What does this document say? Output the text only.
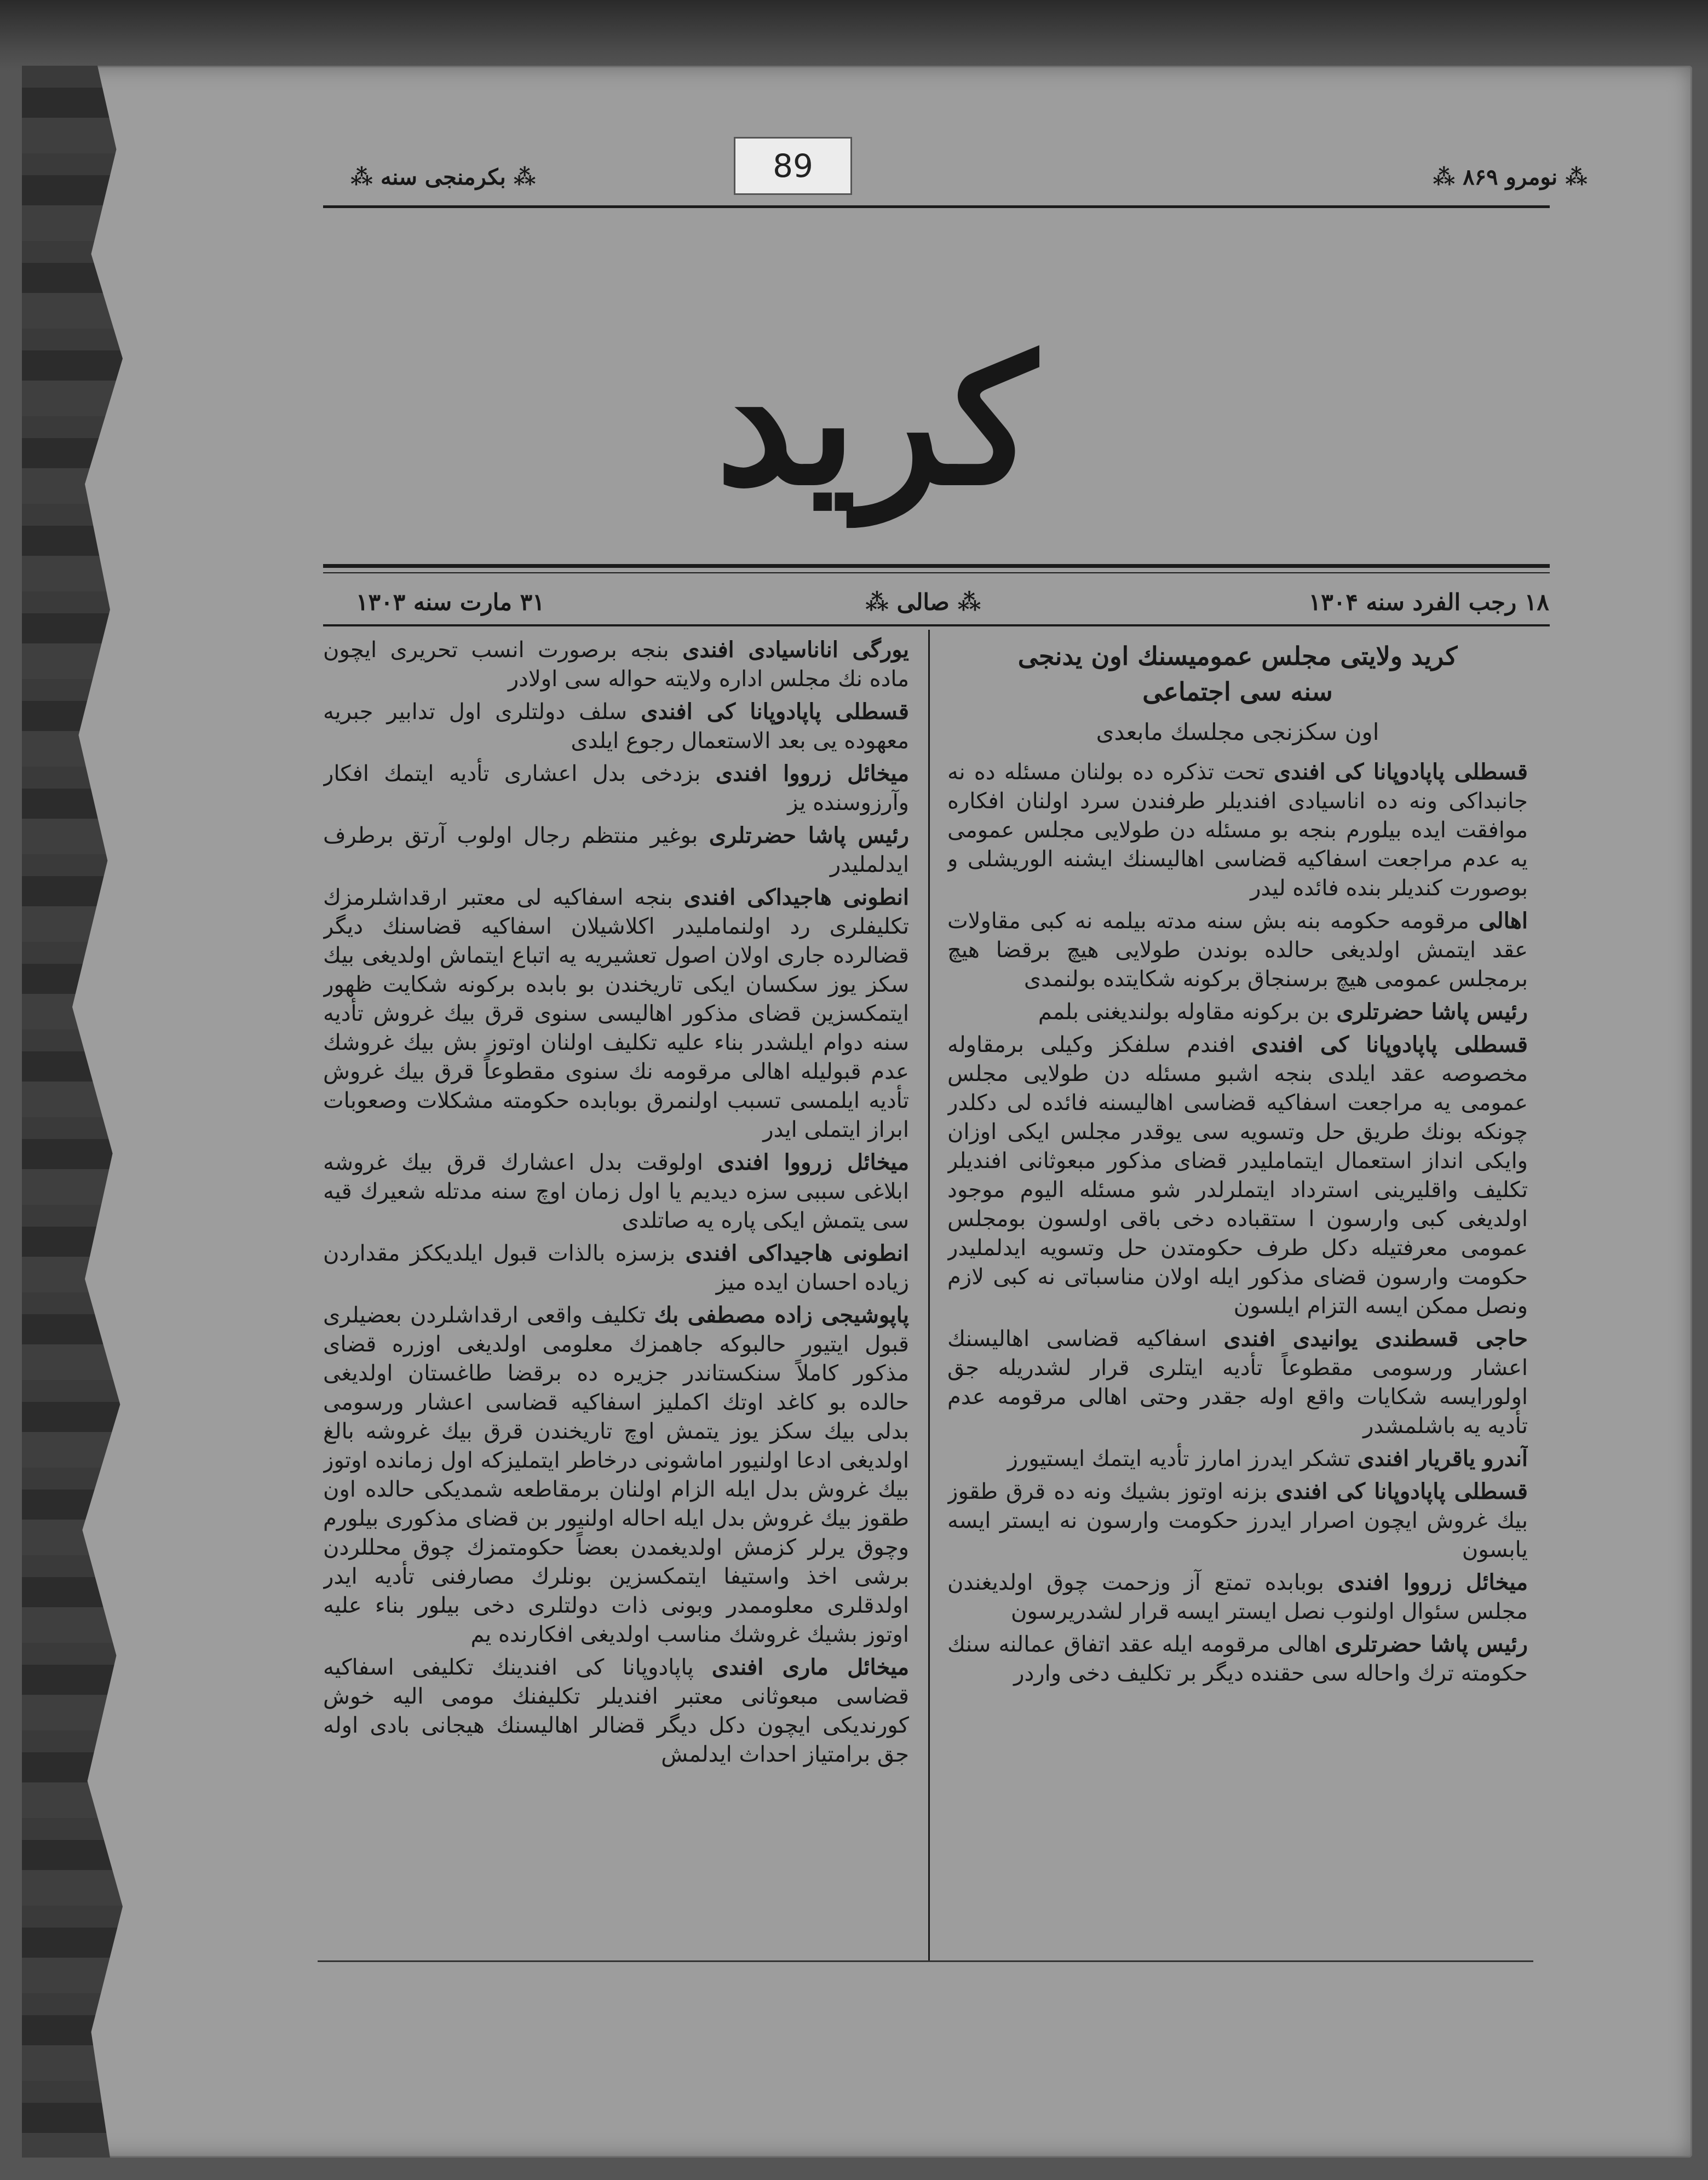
89
⁂ بكرمنجی سنه ⁂	⁂ نومرو ۸۶۹ ⁂
كريد
۳۱ مارت سنه ۱۳۰۳	⁂ صالی ⁂	۱۸ رجب الفرد سنه ۱۳۰۴
كريد ولايتی مجلس عموميسنك اون يدنجی
سنه سی اجتماعی
اون سكزنجی مجلسك مابعدی
قسطلی پاپادوپانا كی افندی تحت تذكره ده بولنان مسئله ده نه جانبداكی ونه ده اناسيادی افنديلر طرفندن سرد اولنان افكاره موافقت ايده بيلورم بنجه بو مسئله دن طولايی مجلس عمومی يه عدم مراجعت اسفاكيه قضاسی اهاليسنك ايشنه الوريشلی و بوصورت كنديلر بنده فائده ليدر
اهالی مرقومه حكومه بنه بش سنه مدته بيلمه نه كبی مقاولات عقد ايتمش اولديغی حالده بوندن طولايی هيچ برقضا هيچ برمجلس عمومی هيچ برسنجاق بركونه شكايتده بولنمدی
رئيس پاشا حضرتلری بن بركونه مقاوله بولنديغنی بلمم
قسطلی پاپادوپانا كی افندی افندم سلفكز وكيلی برمقاوله مخصوصه عقد ايلدی بنجه اشبو مسئله دن طولايی مجلس عمومی يه مراجعت اسفاكيه قضاسی اهاليسنه فائده لی دكلدر چونكه بونك طريق حل وتسويه سی يوقدر مجلس ايكی اوزان وايكی انداز استعمال ايتمامليدر قضای مذكور مبعوثانی افنديلر تكليف واقليرينی استرداد ايتملرلدر شو مسئله اليوم موجود اولديغی كبی وارسون ا ستقباده دخی باقی اولسون بومجلس عمومی معرفتيله دكل طرف حكومتدن حل وتسويه ايدلمليدر حكومت وارسون قضای مذكور ايله اولان مناسباتی نه كبی لازم ونصل ممكن ايسه التزام ايلسون
حاجی قسطندی يوانيدی افندی اسفاكيه قضاسی اهاليسنك اعشار ورسومی مقطوعاً تأديه ايتلری قرار لشدريله جق اولورايسه شكايات واقع اوله جقدر وحتی اهالی مرقومه عدم تأديه يه باشلمشدر
آندرو ياقريار افندی تشكر ايدرز امارز تأديه ايتمك ايستيورز
قسطلی پاپادوپانا كی افندی بزنه اوتوز بشيك ونه ده قرق طقوز بيك غروش ايچون اصرار ايدرز حكومت وارسون نه ايستر ايسه يابسون
ميخائل زرووا افندی بوبابده تمتع آز وزحمت چوق اولديغندن مجلس سئوال اولنوب نصل ايستر ايسه قرار لشدريرسون
رئيس پاشا حضرتلری اهالی مرقومه ايله عقد اتفاق عمالنه سنك حكومته ترك واحاله سی حقنده ديگر بر تكليف دخی واردر
يورگی اناناسيادی افندی بنجه برصورت انسب تحريری ايچون ماده نك مجلس اداره ولايته حواله سی اولادر
قسطلی پاپادوپانا كی افندی سلف دولتلری اول تدابير جبريه معهوده يی بعد الاستعمال رجوع ايلدی
ميخائل زرووا افندی بزدخی بدل اعشاری تأديه ايتمك افكار وآرزوسنده يز
رئيس پاشا حضرتلری بوغير منتظم رجال اولوب آرتق برطرف ايدلمليدر
انطونی هاجيداكی افندی بنجه اسفاكيه لی معتبر ارقداشلرمزك تكليفلری رد اولنمامليدر اكلاشيلان اسفاكيه قضاسنك ديگر قضالرده جاری اولان اصول تعشيريه يه اتباع ايتماش اولديغی بيك سكز يوز سكسان ايكی تاريخندن بو بابده بركونه شكايت ظهور ايتمكسزين قضای مذكور اهاليسی سنوی قرق بيك غروش تأديه سنه دوام ايلشدر بناء عليه تكليف اولنان اوتوز بش بيك غروشك عدم قبوليله اهالی مرقومه نك سنوی مقطوعاً قرق بيك غروش تأديه ايلمسی تسبب اولنمرق بوبابده حكومته مشكلات وصعوبات ابراز ايتملی ايدر
ميخائل زرووا افندی اولوقت بدل اعشارك قرق بيك غروشه ابلاغی سببی سزه ديديم يا اول زمان اوچ سنه مدتله شعيرك قيه سی يتمش ايكی پاره يه صاتلدی
انطونی هاجيداكی افندی بزسزه بالذات قبول ايلديككز مقداردن زياده احسان ايده ميز
پاپوشيجی زاده مصطفی بك تكليف واقعی ارقداشلردن بعضيلری قبول ايتيور حالبوكه جاهمزك معلومی اولديغی اوزره قضای مذكور كاملاً سنكستاندر جزيره ده برقضا طاغستان اولديغی حالده بو كاغد اوتك اكمليز اسفاكيه قضاسی اعشار ورسومی بدلی بيك سكز يوز يتمش اوچ تاريخندن قرق بيك غروشه بالغ اولديغی ادعا اولنيور اماشونی درخاطر ايتمليزكه اول زمانده اوتوز بيك غروش بدل ايله الزام اولنان برمقاطعه شمديكی حالده اون طقوز بيك غروش بدل ايله احاله اولنيور بن قضای مذكوری بيلورم وچوق يرلر كزمش اولديغمدن بعضاً حكومتمزك چوق محللردن برشی اخذ واستيفا ايتمكسزين بونلرك مصارفنی تأديه ايدر اولدقلری معلوممدر وبونی ذات دولتلری دخی بيلور بناء عليه اوتوز بشيك غروشك مناسب اولديغی افكارنده يم
ميخائل ماری افندی پاپادوپانا كی افندينك تكليفی اسفاكيه قضاسی مبعوثانی معتبر افنديلر تكليفنك مومی اليه خوش كورنديكی ايچون دكل ديگر قضالر اهاليسنك هيجانی بادی اوله جق برامتياز احداث ايدلمش
